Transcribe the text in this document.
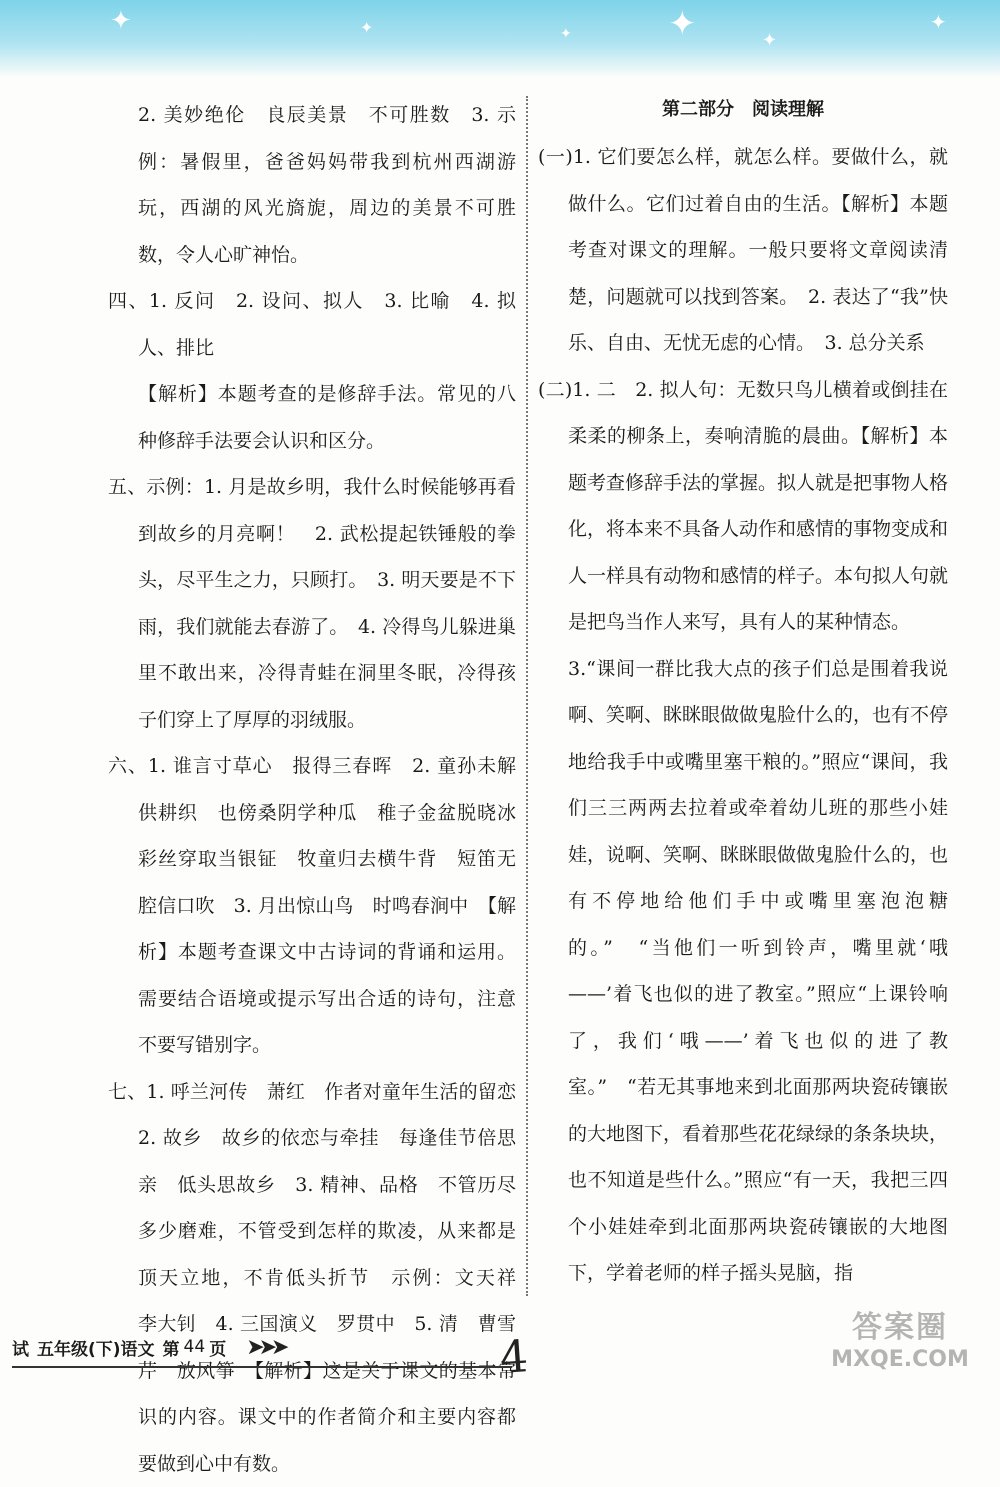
✦	✦	✦	✦	✦
✦

2. 美妙绝伦　良辰美景　不可胜数　3. 示例：暑假里，爸爸妈妈带我到杭州西湖游玩，西湖的风光旖旎，周边的美景不可胜数，令人心旷神怡。

四、1. 反问　2. 设问、拟人　3. 比喻　4. 拟人、排比

【解析】本题考查的是修辞手法。常见的八种修辞手法要会认识和区分。

五、示例：1. 月是故乡明，我什么时候能够再看到故乡的月亮啊！　2. 武松提起铁锤般的拳头，尽平生之力，只顾打。　3. 明天要是不下雨，我们就能去春游了。　4. 冷得鸟儿躲进巢里不敢出来，冷得青蛙在洞里冬眠，冷得孩子们穿上了厚厚的羽绒服。

六、1. 谁言寸草心　报得三春晖　2. 童孙未解供耕织　也傍桑阴学种瓜　稚子金盆脱晓冰　彩丝穿取当银钲　牧童归去横牛背　短笛无腔信口吹　3. 月出惊山鸟　时鸣春涧中　【解析】本题考查课文中古诗词的背诵和运用。需要结合语境或提示写出合适的诗句，注意不要写错别字。

七、1. 呼兰河传　萧红　作者对童年生活的留恋　2. 故乡　故乡的依恋与牵挂　每逢佳节倍思亲　低头思故乡　3. 精神、品格　不管历尽多少磨难，不管受到怎样的欺凌，从来都是顶天立地，不肯低头折节　示例：文天祥　李大钊　4. 三国演义　罗贯中　5. 清　曹雪芹　放风筝　【解析】这是关于课文的基本常识的内容。课文中的作者简介和主要内容都要做到心中有数。

第二部分　阅读理解

(一)1. 它们要怎么样，就怎么样。要做什么，就做什么。它们过着自由的生活。【解析】本题考查对课文的理解。一般只要将文章阅读清楚，问题就可以找到答案。　2. 表达了“我”快乐、自由、无忧无虑的心情。　3. 总分关系

(二)1. 二　2. 拟人句：无数只鸟儿横着或倒挂在柔柔的柳条上，奏响清脆的晨曲。【解析】本题考查修辞手法的掌握。拟人就是把事物人格化，将本来不具备人动作和感情的事物变成和人一样具有动物和感情的样子。本句拟人句就是把鸟当作人来写，具有人的某种情态。

3.“课间一群比我大点的孩子们总是围着我说啊、笑啊、眯眯眼做做鬼脸什么的，也有不停地给我手中或嘴里塞干粮的。”照应“课间，我们三三两两去拉着或牵着幼儿班的那些小娃娃，说啊、笑啊、眯眯眼做做鬼脸什么的，也有不停地给他们手中或嘴里塞泡泡糖的。”　“当他们一听到铃声，嘴里就‘哦——’着飞也似的进了教室。”照应“上课铃响了，我们‘哦——’着飞也似的进了教室。”　“若无其事地来到北面那两块瓷砖镶嵌的大地图下，看着那些花花绿绿的条条块块，也不知道是些什么。”照应“有一天，我把三四个小娃娃牵到北面那两块瓷砖镶嵌的大地图下，学着老师的样子摇头晃脑，指

试 五年级(下)语文 第 44 页 ➤➤➤	4
答案圈
MXQE.COM
